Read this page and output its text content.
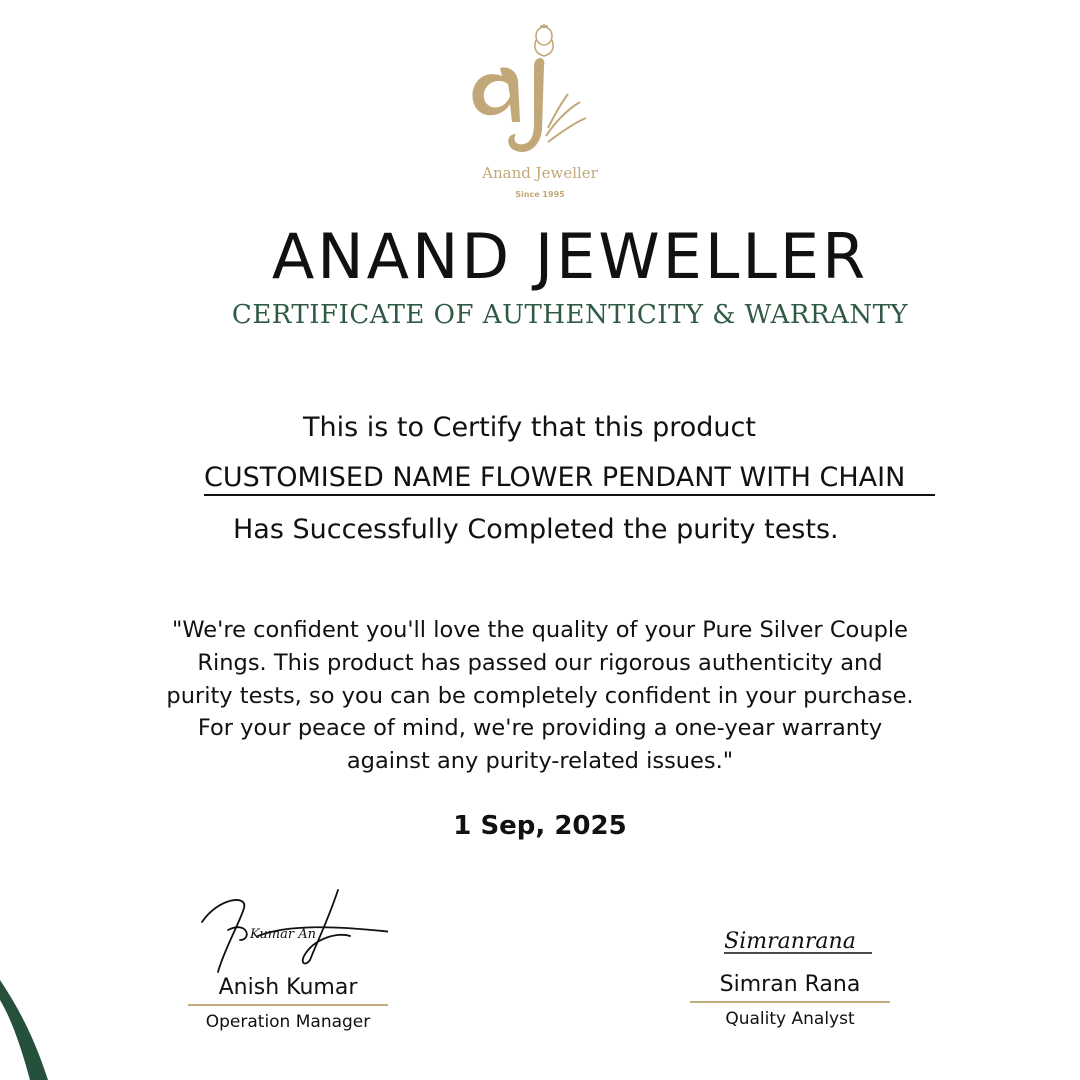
Anand Jeweller
Since 1995
ANAND JEWELLER
CERTIFICATE OF AUTHENTICITY & WARRANTY
This is to Certify that this product
CUSTOMISED NAME FLOWER PENDANT WITH CHAIN
Has Successfully Completed the purity tests.
"We're confident you'll love the quality of your Pure Silver Couple
Rings. This product has passed our rigorous authenticity and
purity tests, so you can be completely confident in your purchase.
For your peace of mind, we're providing a one-year warranty
against any purity-related issues."
1 Sep, 2025
Kumar An
Anish Kumar
Operation Manager
Simranrana
Simran Rana
Quality Analyst
